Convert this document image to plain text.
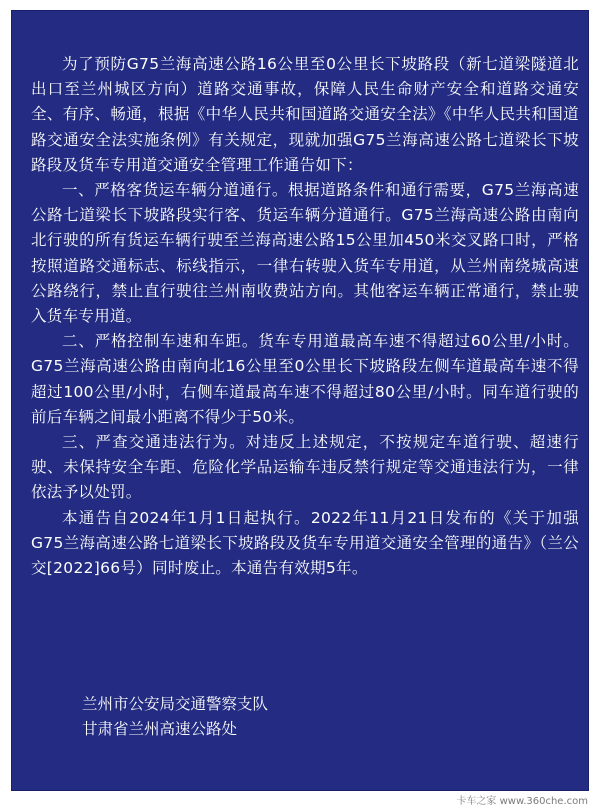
为了预防G75兰海高速公路16公里至0公里长下坡路段（新七道梁隧道北出口至兰州城区方向）道路交通事故，保障人民生命财产安全和道路交通安全、有序、畅通，根据《中华人民共和国道路交通安全法》《中华人民共和国道路交通安全法实施条例》有关规定，现就加强G75兰海高速公路七道梁长下坡路段及货车专用道交通安全管理工作通告如下：

一、严格客货运车辆分道通行。根据道路条件和通行需要，G75兰海高速公路七道梁长下坡路段实行客、货运车辆分道通行。G75兰海高速公路由南向北行驶的所有货运车辆行驶至兰海高速公路15公里加450米交叉路口时，严格按照道路交通标志、标线指示，一律右转驶入货车专用道，从兰州南绕城高速公路绕行，禁止直行驶往兰州南收费站方向。其他客运车辆正常通行，禁止驶入货车专用道。

二、严格控制车速和车距。货车专用道最高车速不得超过60公里/小时。G75兰海高速公路由南向北16公里至0公里长下坡路段左侧车道最高车速不得超过100公里/小时，右侧车道最高车速不得超过80公里/小时。同车道行驶的前后车辆之间最小距离不得少于50米。

三、严查交通违法行为。对违反上述规定，不按规定车道行驶、超速行驶、未保持安全车距、危险化学品运输车违反禁行规定等交通违法行为，一律依法予以处罚。

本通告自2024年1月1日起执行。2022年11月21日发布的《关于加强G75兰海高速公路七道梁长下坡路段及货车专用道交通安全管理的通告》（兰公交[2022]66号）同时废止。本通告有效期5年。

兰州市公安局交通警察支队
甘肃省兰州高速公路处
卡车之家 www.360che.com
